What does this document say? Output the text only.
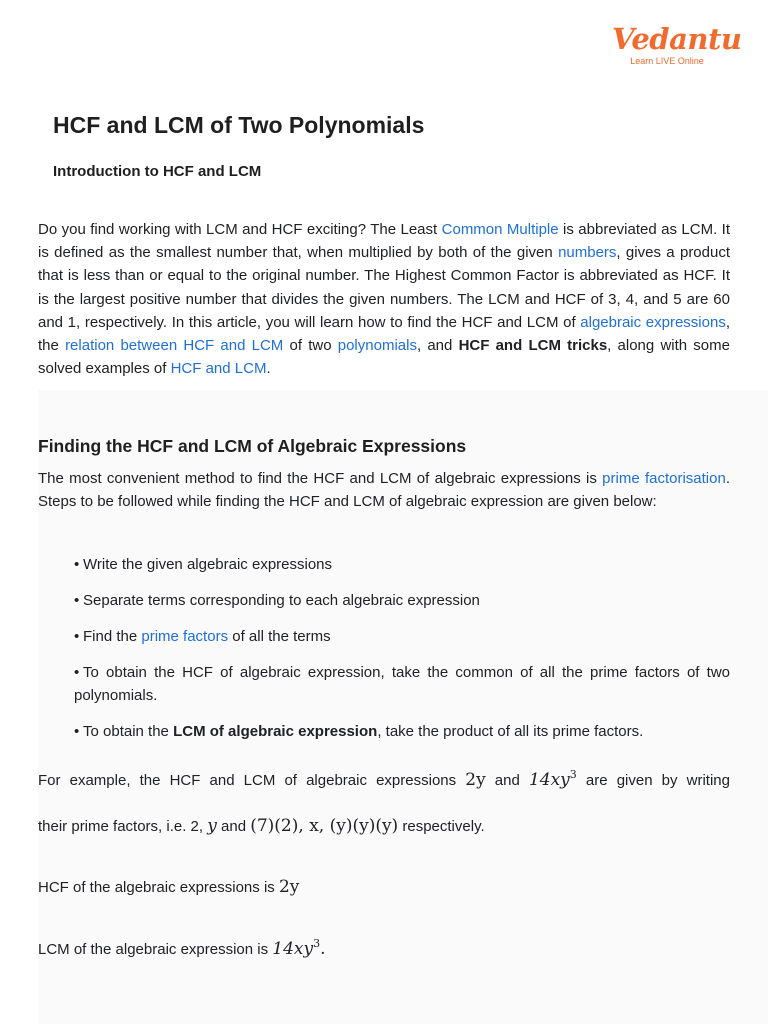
Vedantu
Learn LIVE Online
HCF and LCM of Two Polynomials
Introduction to HCF and LCM

Do you find working with LCM and HCF exciting? The Least Common Multiple is abbreviated as LCM. It is defined as the smallest number that, when multiplied by both of the given numbers, gives a product that is less than or equal to the original number. The Highest Common Factor is abbreviated as HCF. It is the largest positive number that divides the given numbers. The LCM and HCF of 3, 4, and 5 are 60 and 1, respectively. In this article, you will learn how to find the HCF and LCM of algebraic expressions, the relation between HCF and LCM of two polynomials, and HCF and LCM tricks, along with some solved examples of HCF and LCM.

Finding the HCF and LCM of Algebraic Expressions

The most convenient method to find the HCF and LCM of algebraic expressions is prime factorisation. Steps to be followed while finding the HCF and LCM of algebraic expression are given below:

• Write the given algebraic expressions
• Separate terms corresponding to each algebraic expression
• Find the prime factors of all the terms
• To obtain the HCF of algebraic expression, take the common of all the prime factors of two polynomials.
• To obtain the LCM of algebraic expression, take the product of all its prime factors.

For example, the HCF and LCM of algebraic expressions 2y and $14xy^3$ are given by writing

their prime factors, i.e. 2, y and (7)(2), x, (y)(y)(y) respectively.

HCF of the algebraic expressions is 2y

LCM of the algebraic expression is $14xy^3$.
